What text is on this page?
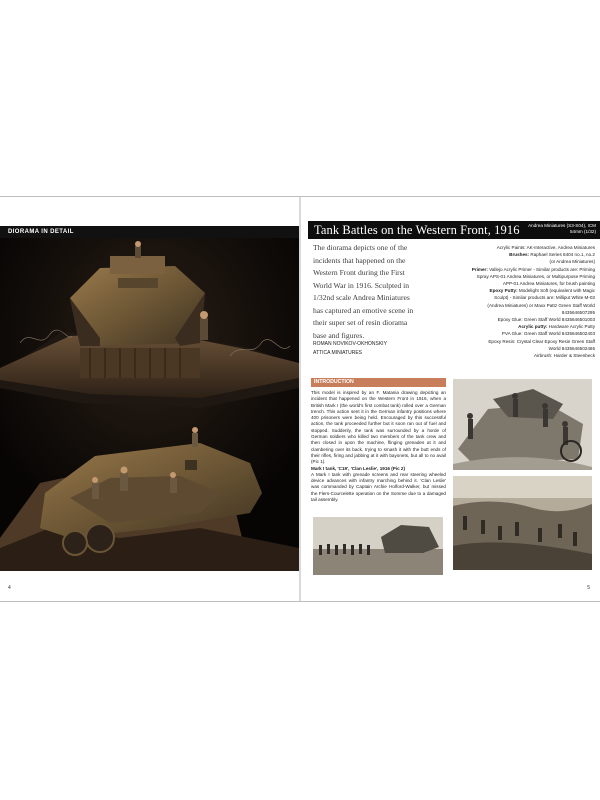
DIORAMA IN DETAIL
4
Tank Battles on the Western Front, 1916 Andrea Miniatures (S3-S04), ICM
54mm (1/32)
The diorama depicts one of the incidents that happened on the Western Front during the First World War in 1916. Sculpted in 1/32nd scale Andrea Miniatures has captured an emotive scene in their super set of resin diorama base and figures.
ROMAN NOVIKOV-OKHONSKIY
ATTICA MINIATURES
Acrylic Paints: AK-Interactive, Andrea Miniatures
Brushes: Raphael Series 8404 no.1, no.2
(or Andrea Miniatures)
Primer: Vallejo Acrylic Primer - Similar products are: Priming
Spray APS-01 Andrea Miniatures, or Multipurpose Priming
APP-01 Andrea Miniatures, for brush painting
Epoxy Putty: Modelight Soft (equivalent with Magic
Sculpt) - Similar products are: Milliput White M-03
(Andrea Miniatures) or Maxx Pattz Green Staff World
8435646507295
Epoxy Glue: Green Staff World 8435646501003
Acrylic putty: Hardware Acrylic Putty
PVA Glue: Green Staff World 8435646502403
Epoxy Resin: Crystal Clear Epoxy Resin Green Staff
World 8435646502465
Airbrush: Harder & Steenbeck
INTRODUCTION
This model is inspired by an F. Matania drawing depicting an incident that happened on the Western Front in 1916, when a British Mark I (the world's first combat tank) rolled over a German trench. This action sent it in the German infantry positions where 400 prisoners were being held. Encouraged by this successful action, the tank proceeded further but it soon ran out of fuel and stopped. Suddenly, the tank was surrounded by a horde of German soldiers who killed two members of the tank crew and then closed in upon the machine, flinging grenades at it and clambering over its back, trying to smash it with the butt ends of their rifles, firing and jabbing at it with bayonets, but all to no avail (Pic 1).
Mark I tank, 'C19', 'Clan Leslie', 1916 (Pic 2)
A Mark I tank with grenade screens and rear steering wheeled device advances with infantry marching behind it. 'Clan Leslie' was commanded by Captain Archie Holford-Walker, but missed the Flers-Courcelette operation on the Somme due to a damaged tail assembly.
5
